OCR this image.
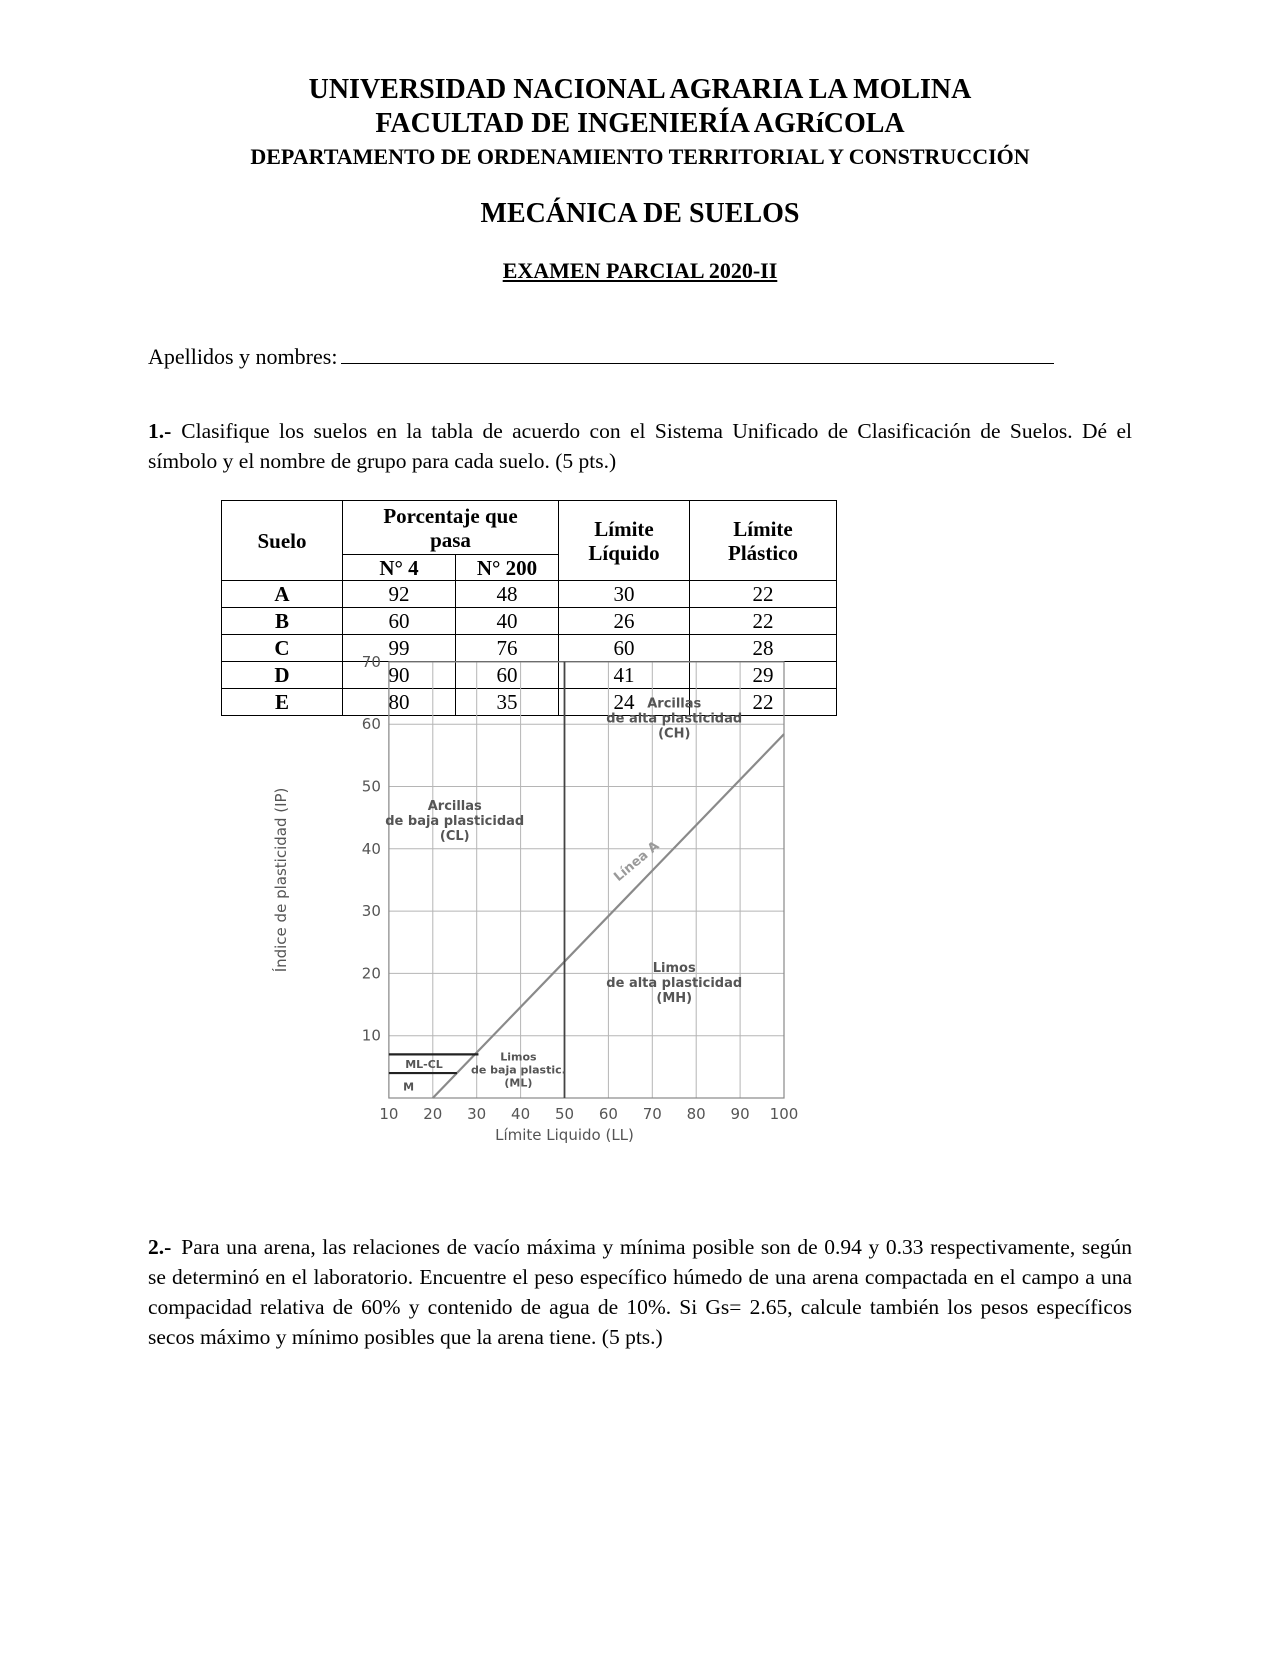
UNIVERSIDAD NACIONAL AGRARIA LA MOLINA
FACULTAD DE INGENIERÍA AGRíCOLA
DEPARTAMENTO DE ORDENAMIENTO TERRITORIAL Y CONSTRUCCIÓN
MECÁNICA DE SUELOS
EXAMEN PARCIAL 2020-II
Apellidos y nombres:
1.- Clasifique los suelos en la tabla de acuerdo con el Sistema Unificado de Clasificación de Suelos. Dé el símbolo y el nombre de grupo para cada suelo. (5 pts.)
Suelo	Porcentaje que pasa		Límite Líquido	Límite Plástico
	N° 4	N° 200		
A	92	48	30	22
B	60	40	26	22
C	99	76	60	28
D	90	60	41	29
E	80	35	24	22
10 20 30 40 50 60 70 80 90 100
10
20
30
40
50
60
70
Límite Liquido (LL)
Índice de plasticidad (IP)	Arcillas
de baja plasticidad
(CL)
Arcillas
de alta plasticidad
(CH)
Limos
de alta plasticidad
(MH)
Limos
de baja plastic.
(ML)
ML-CL
M
Línea A
2.- Para una arena, las relaciones de vacío máxima y mínima posible son de 0.94 y 0.33 respectivamente, según se determinó en el laboratorio. Encuentre el peso específico húmedo de una arena compactada en el campo a una compacidad relativa de 60% y contenido de agua de 10%. Si Gs= 2.65, calcule también los pesos específicos secos máximo y mínimo posibles que la arena tiene. (5 pts.)
